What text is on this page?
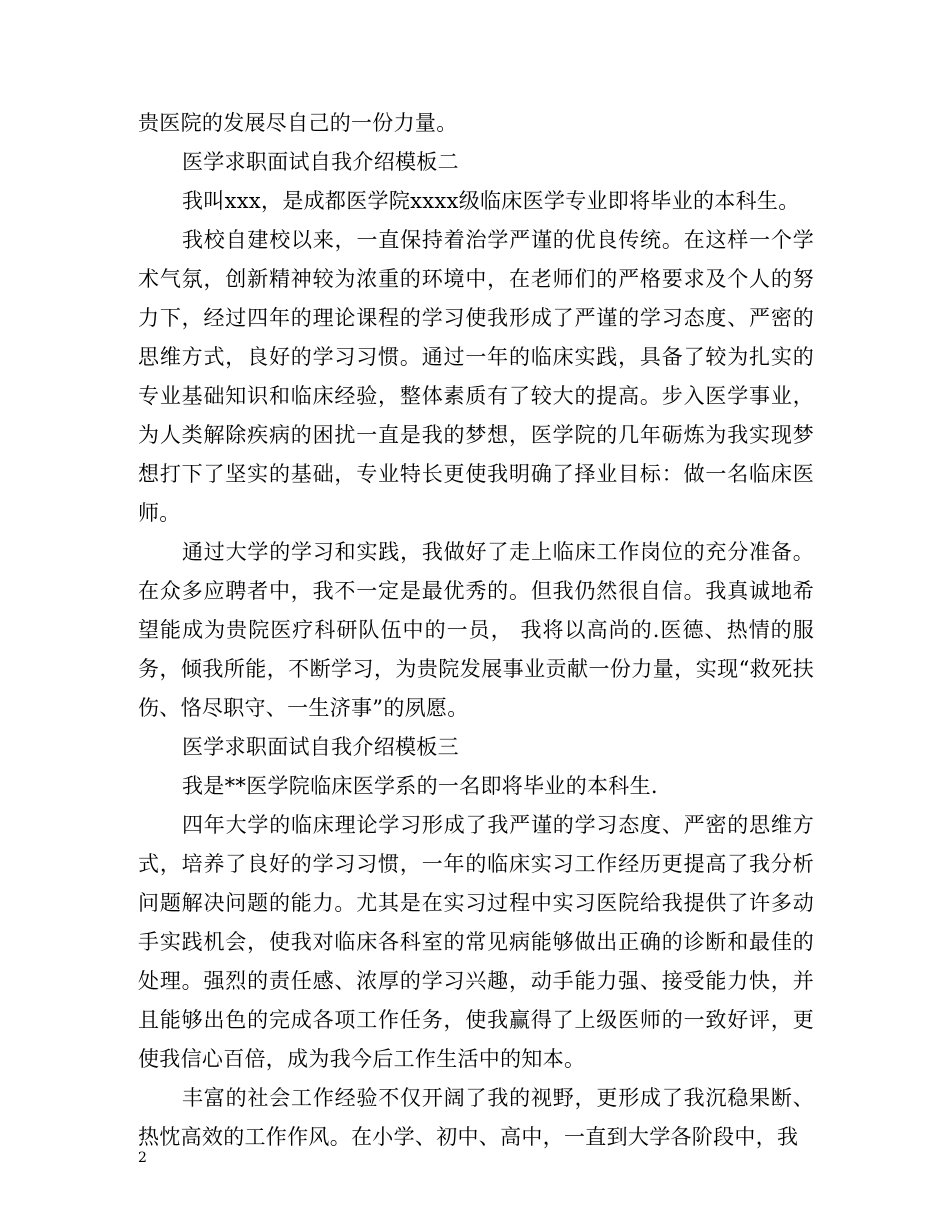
贵医院的发展尽自己的一份力量。

医学求职面试自我介绍模板二

我叫xxx，是成都医学院xxxx级临床医学专业即将毕业的本科生。

我校自建校以来，一直保持着治学严谨的优良传统。在这样一个学术气氛，创新精神较为浓重的环境中，在老师们的严格要求及个人的努力下，经过四年的理论课程的学习使我形成了严谨的学习态度、严密的思维方式，良好的学习习惯。通过一年的临床实践，具备了较为扎实的专业基础知识和临床经验，整体素质有了较大的提高。步入医学事业，为人类解除疾病的困扰一直是我的梦想，医学院的几年砺炼为我实现梦想打下了坚实的基础，专业特长更使我明确了择业目标：做一名临床医师。

通过大学的学习和实践，我做好了走上临床工作岗位的充分准备。在众多应聘者中，我不一定是最优秀的。但我仍然很自信。我真诚地希望能成为贵院医疗科研队伍中的一员， 我将以高尚的.医德、热情的服务，倾我所能，不断学习，为贵院发展事业贡献一份力量，实现“救死扶伤、恪尽职守、一生济事”的夙愿。

医学求职面试自我介绍模板三

我是**医学院临床医学系的一名即将毕业的本科生.

四年大学的临床理论学习形成了我严谨的学习态度、严密的思维方式，培养了良好的学习习惯，一年的临床实习工作经历更提高了我分析问题解决问题的能力。尤其是在实习过程中实习医院给我提供了许多动手实践机会，使我对临床各科室的常见病能够做出正确的诊断和最佳的处理。强烈的责任感、浓厚的学习兴趣，动手能力强、接受能力快，并且能够出色的完成各项工作任务，使我赢得了上级医师的一致好评，更使我信心百倍，成为我今后工作生活中的知本。

丰富的社会工作经验不仅开阔了我的视野，更形成了我沉稳果断、热忱高效的工作作风。在小学、初中、高中，一直到大学各阶段中，我

2
